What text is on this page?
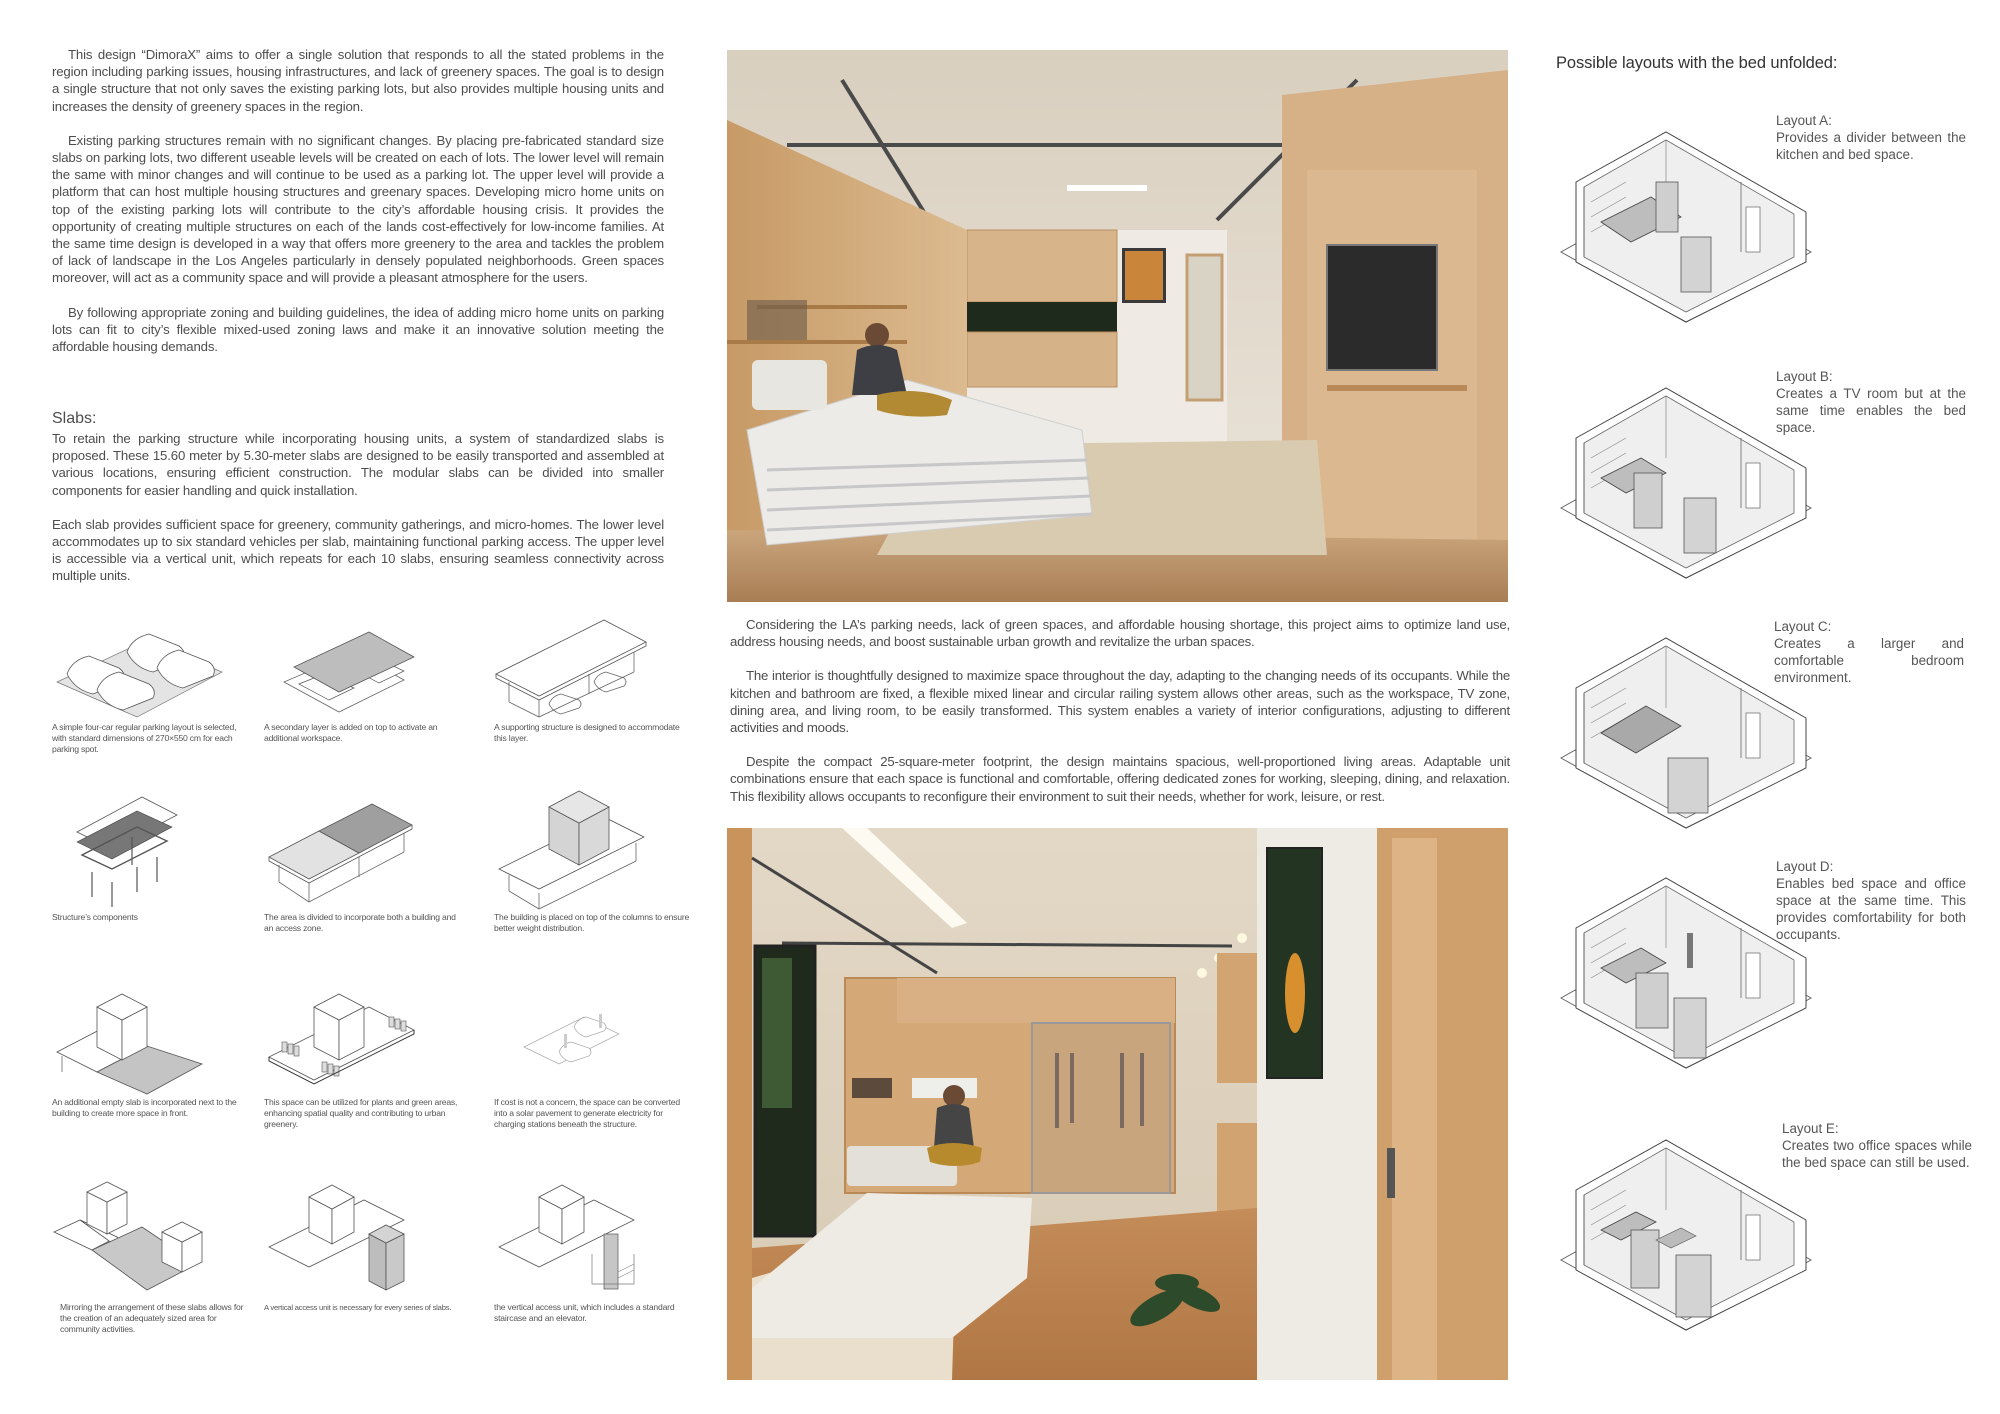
This design “DimoraX” aims to offer a single solution that responds to all the stated problems in the region including parking issues, housing infrastructures, and lack of greenery spaces. The goal is to design a single structure that not only saves the existing parking lots, but also provides multiple housing units and increases the density of greenery spaces in the region.

Existing parking structures remain with no significant changes. By placing pre-fabricated standard size slabs on parking lots, two different useable levels will be created on each of lots. The lower level will remain the same with minor changes and will continue to be used as a parking lot. The upper level will provide a platform that can host multiple housing structures and greenary spaces. Developing micro home units on top of the existing parking lots will contribute to the city’s affordable housing crisis. It provides the opportunity of creating multiple structures on each of the lands cost-effectively for low-income families. At the same time design is developed in a way that offers more greenery to the area and tackles the problem of lack of landscape in the Los Angeles particularly in densely populated neighborhoods. Green spaces moreover, will act as a community space and will provide a pleasant atmosphere for the users.

By following appropriate zoning and building guidelines, the idea of adding micro home units on parking lots can fit to city’s flexible mixed-used zoning laws and make it an innovative solution meeting the affordable housing demands.

Slabs:

To retain the parking structure while incorporating housing units, a system of standardized slabs is proposed. These 15.60 meter by 5.30-meter slabs are designed to be easily transported and assembled at various locations, ensuring efficient construction. The modular slabs can be divided into smaller components for easier handling and quick installation.

Each slab provides sufficient space for greenery, community gatherings, and micro-homes. The lower level accommodates up to six standard vehicles per slab, maintaining functional parking access. The upper level is accessible via a vertical unit, which repeats for each 10 slabs, ensuring seamless connectivity across multiple units.

A simple four-car regular parking layout is selected, with standard dimensions of 270×550 cm for each parking spot.
A secondary layer is added on top to activate an additional workspace.
A supporting structure is designed to accommodate this layer.
Structure’s components	The area is divided to incorporate both a building and an access zone.
The building is placed on top of the columns to ensure better weight distribution.
An additional empty slab is incorporated next to the building to create more space in front.
This space can be utilized for plants and green areas, enhancing spatial quality and contributing to urban greenery.
If cost is not a concern, the space can be converted into a solar pavement to generate electricity for charging stations beneath the structure.
Mirroring the arrangement of these slabs allows for the creation of an adequately sized area for community activities.
A vertical access unit is necessary for every series of slabs.	the vertical access unit, which includes a standard staircase and an elevator.

Considering the LA’s parking needs, lack of green spaces, and affordable housing shortage, this project aims to optimize land use, address housing needs, and boost sustainable urban growth and revitalize the urban spaces.

The interior is thoughtfully designed to maximize space throughout the day, adapting to the changing needs of its occupants. While the kitchen and bathroom are fixed, a flexible mixed linear and circular railing system allows other areas, such as the workspace, TV zone, dining area, and living room, to be easily transformed. This system enables a variety of interior configurations, adjusting to different activities and moods.

Despite the compact 25-square-meter footprint, the design maintains spacious, well-proportioned living areas. Adaptable unit combinations ensure that each space is functional and comfortable, offering dedicated zones for working, sleeping, dining, and relaxation. This flexibility allows occupants to reconfigure their environment to suit their needs, whether for work, leisure, or rest.

Possible layouts with the bed unfolded:
Layout A:
Provides a divider between the kitchen and bed space.
Layout B:
Creates a TV room but at the same time enables the bed space.
Layout C:
Creates a larger and comfortable bedroom environment.
Layout D:
Enables bed space and office space at the same time. This provides comfortability for both occupants.
Layout E:
Creates two office spaces while the bed space can still be used.
